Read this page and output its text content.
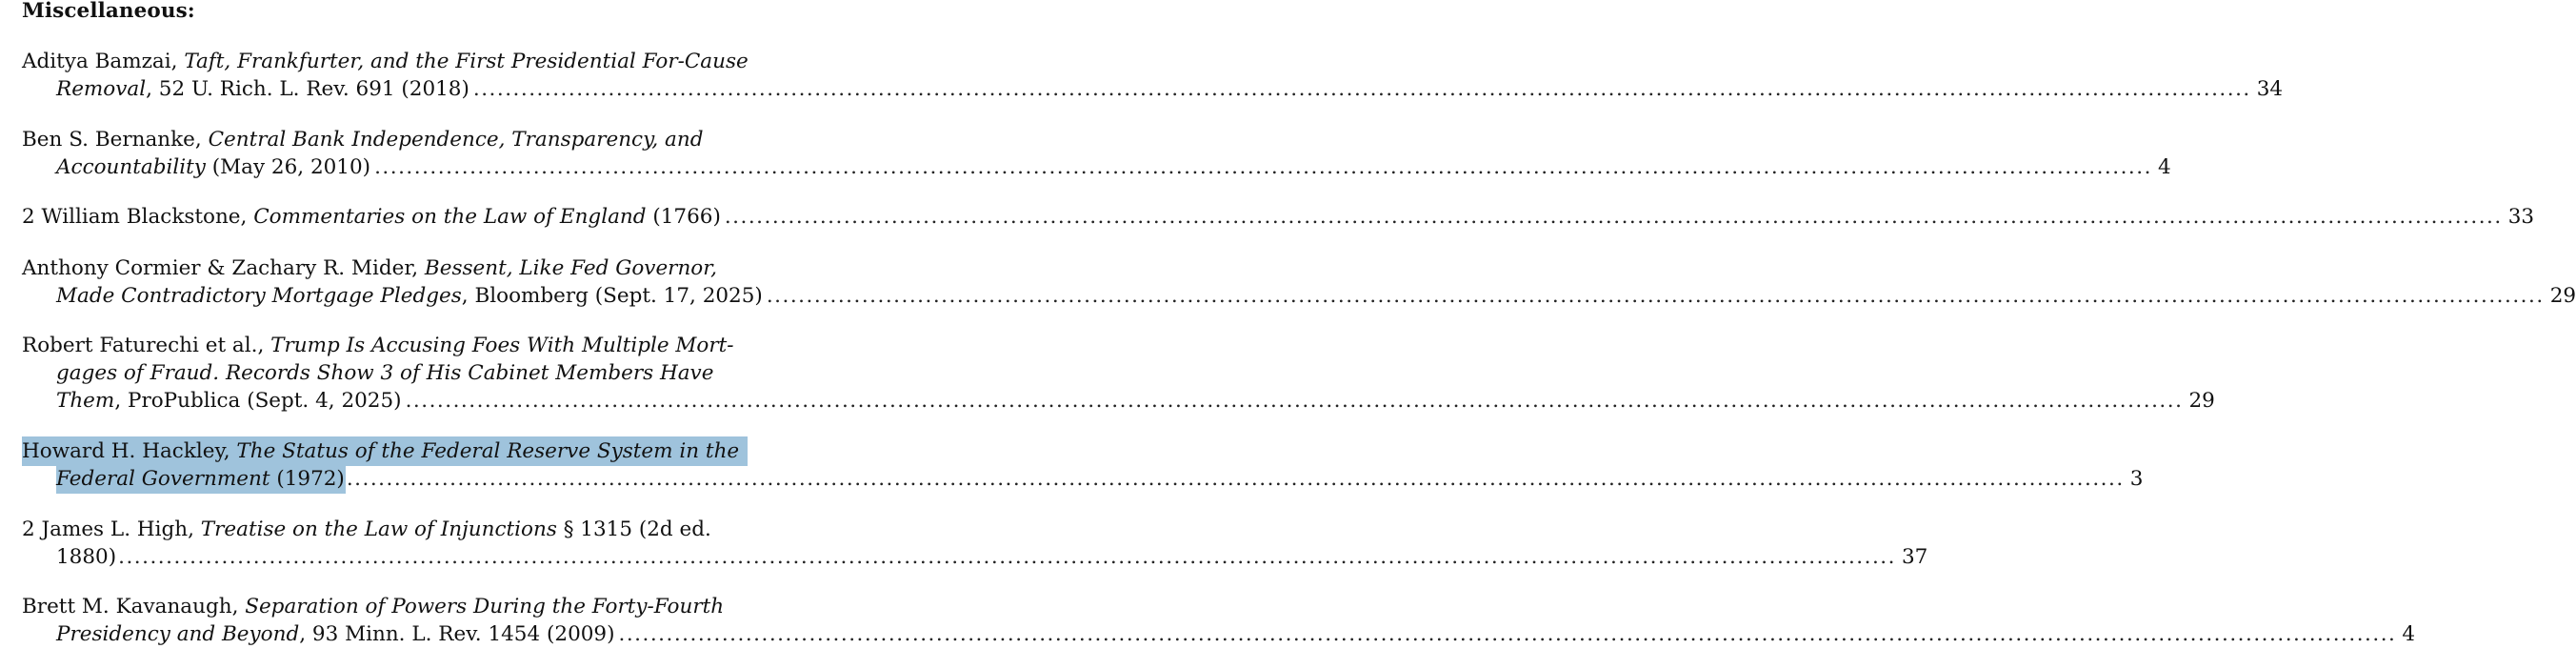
Miscellaneous:
Aditya Bamzai, Taft, Frankfurter, and the First Presidential For-Cause
Removal, 52 U. Rich. L. Rev. 691 (2018) ................................................................................................................................................................................................................................ 34
Ben S. Bernanke, Central Bank Independence, Transparency, and
Accountability (May 26, 2010) ................................................................................................................................................................................................................................ 4
2 William Blackstone, Commentaries on the Law of England (1766) ................................................................................................................................................................................................................................ 33
Anthony Cormier & Zachary R. Mider, Bessent, Like Fed Governor,
Made Contradictory Mortgage Pledges, Bloomberg (Sept. 17, 2025) ................................................................................................................................................................................................................................ 29
Robert Faturechi et al., Trump Is Accusing Foes With Multiple Mort-
gages of Fraud. Records Show 3 of His Cabinet Members Have
Them, ProPublica (Sept. 4, 2025) ................................................................................................................................................................................................................................ 29
Howard H. Hackley, The Status of the Federal Reserve System in the
Federal Government (1972) ................................................................................................................................................................................................................................ 3
2 James L. High, Treatise on the Law of Injunctions § 1315 (2d ed.
1880) ................................................................................................................................................................................................................................ 37
Brett M. Kavanaugh, Separation of Powers During the Forty-Fourth
Presidency and Beyond, 93 Minn. L. Rev. 1454 (2009) ................................................................................................................................................................................................................................ 4
